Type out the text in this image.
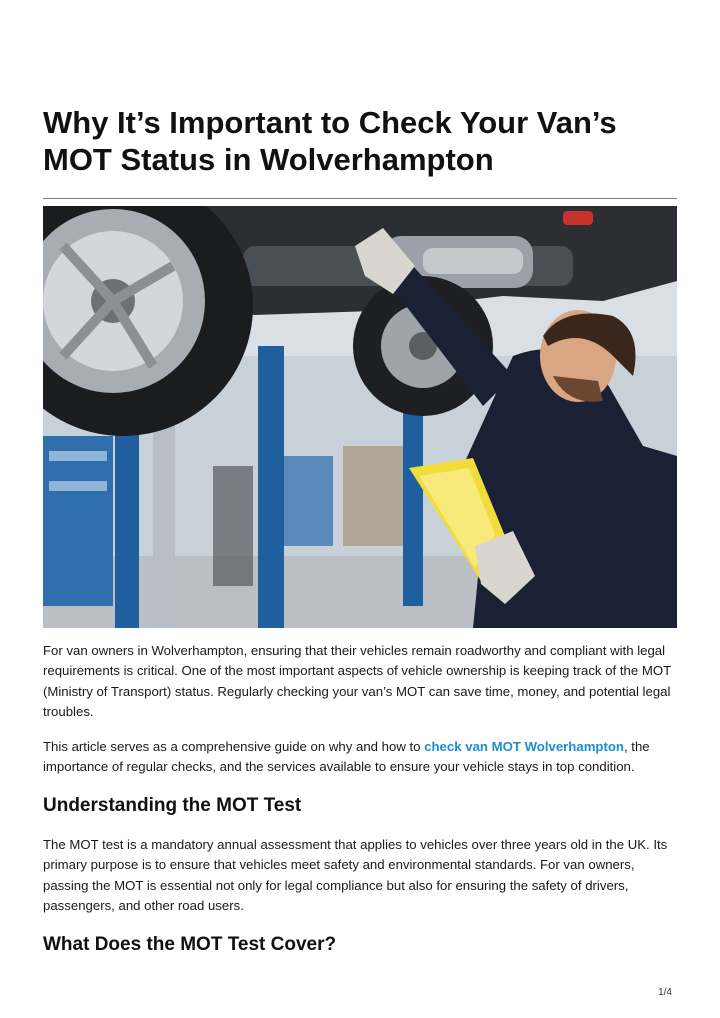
Why It’s Important to Check Your Van’s MOT Status in Wolverhampton

For van owners in Wolverhampton, ensuring that their vehicles remain roadworthy and compliant with legal requirements is critical. One of the most important aspects of vehicle ownership is keeping track of the MOT (Ministry of Transport) status. Regularly checking your van’s MOT can save time, money, and potential legal troubles.

This article serves as a comprehensive guide on why and how to check van MOT Wolverhampton, the importance of regular checks, and the services available to ensure your vehicle stays in top condition.

Understanding the MOT Test

The MOT test is a mandatory annual assessment that applies to vehicles over three years old in the UK. Its primary purpose is to ensure that vehicles meet safety and environmental standards. For van owners, passing the MOT is essential not only for legal compliance but also for ensuring the safety of drivers, passengers, and other road users.

What Does the MOT Test Cover?
1/4
